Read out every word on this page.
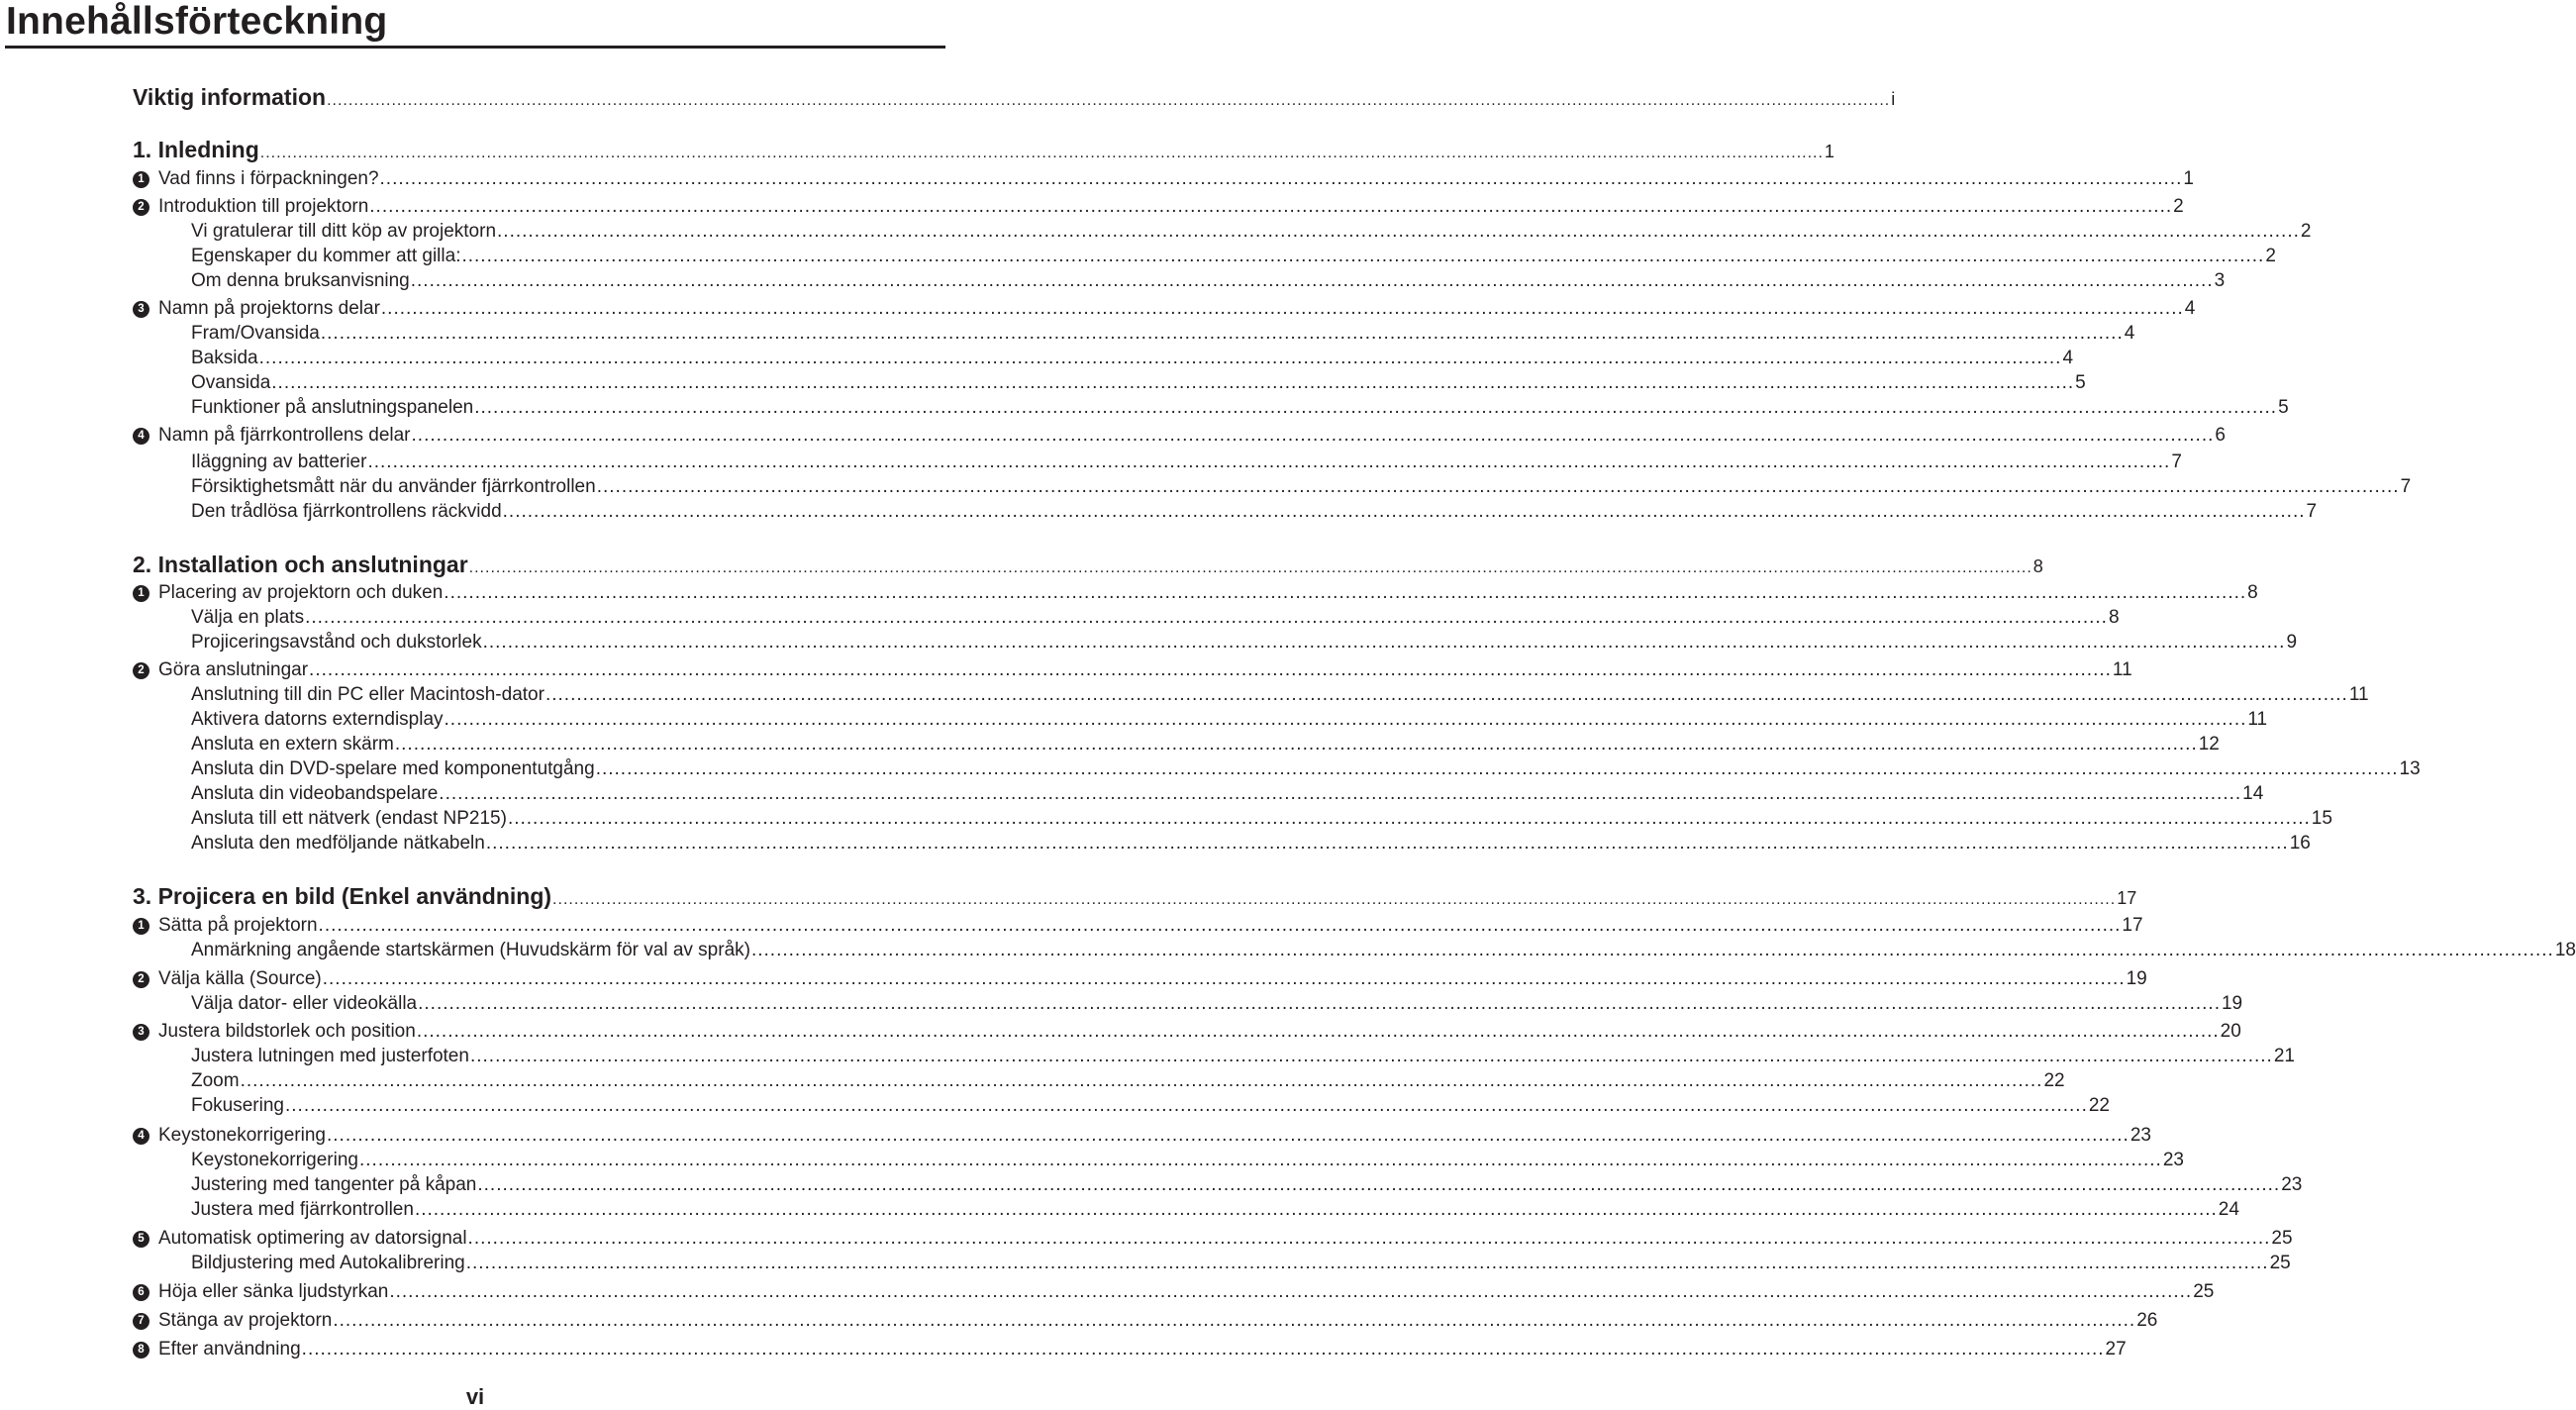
Innehållsförteckning
Viktig information .................................................................................................................................................................................................................................................................................................. i
1. Inledning .................................................................................................................................................................................................................................................................................................. 1
1 Vad finns i förpackningen? .................................................................................................................................................................................................................................................................................................. 1
2 Introduktion till projektorn .................................................................................................................................................................................................................................................................................................. 2
Vi gratulerar till ditt köp av projektorn .................................................................................................................................................................................................................................................................................................. 2
Egenskaper du kommer att gilla: .................................................................................................................................................................................................................................................................................................. 2
Om denna bruksanvisning .................................................................................................................................................................................................................................................................................................. 3
3 Namn på projektorns delar .................................................................................................................................................................................................................................................................................................. 4
Fram/Ovansida .................................................................................................................................................................................................................................................................................................. 4
Baksida .................................................................................................................................................................................................................................................................................................. 4
Ovansida .................................................................................................................................................................................................................................................................................................. 5
Funktioner på anslutningspanelen .................................................................................................................................................................................................................................................................................................. 5
4 Namn på fjärrkontrollens delar .................................................................................................................................................................................................................................................................................................. 6
Iläggning av batterier .................................................................................................................................................................................................................................................................................................. 7
Försiktighetsmått när du använder fjärrkontrollen .................................................................................................................................................................................................................................................................................................. 7
Den trådlösa fjärrkontrollens räckvidd .................................................................................................................................................................................................................................................................................................. 7
2. Installation och anslutningar .................................................................................................................................................................................................................................................................................................. 8
1 Placering av projektorn och duken .................................................................................................................................................................................................................................................................................................. 8
Välja en plats .................................................................................................................................................................................................................................................................................................. 8
Projiceringsavstånd och dukstorlek .................................................................................................................................................................................................................................................................................................. 9
2 Göra anslutningar .................................................................................................................................................................................................................................................................................................. 11
Anslutning till din PC eller Macintosh-dator .................................................................................................................................................................................................................................................................................................. 11
Aktivera datorns externdisplay .................................................................................................................................................................................................................................................................................................. 11
Ansluta en extern skärm .................................................................................................................................................................................................................................................................................................. 12
Ansluta din DVD-spelare med komponentutgång .................................................................................................................................................................................................................................................................................................. 13
Ansluta din videobandspelare .................................................................................................................................................................................................................................................................................................. 14
Ansluta till ett nätverk (endast NP215) .................................................................................................................................................................................................................................................................................................. 15
Ansluta den medföljande nätkabeln .................................................................................................................................................................................................................................................................................................. 16
3. Projicera en bild (Enkel användning) .................................................................................................................................................................................................................................................................................................. 17
1 Sätta på projektorn .................................................................................................................................................................................................................................................................................................. 17
Anmärkning angående startskärmen (Huvudskärm för val av språk) .................................................................................................................................................................................................................................................................................................. 18
2 Välja källa (Source) .................................................................................................................................................................................................................................................................................................. 19
Välja dator- eller videokälla .................................................................................................................................................................................................................................................................................................. 19
3 Justera bildstorlek och position .................................................................................................................................................................................................................................................................................................. 20
Justera lutningen med justerfoten .................................................................................................................................................................................................................................................................................................. 21
Zoom .................................................................................................................................................................................................................................................................................................. 22
Fokusering .................................................................................................................................................................................................................................................................................................. 22
4 Keystonekorrigering .................................................................................................................................................................................................................................................................................................. 23
Keystonekorrigering .................................................................................................................................................................................................................................................................................................. 23
Justering med tangenter på kåpan .................................................................................................................................................................................................................................................................................................. 23
Justera med fjärrkontrollen .................................................................................................................................................................................................................................................................................................. 24
5 Automatisk optimering av datorsignal .................................................................................................................................................................................................................................................................................................. 25
Bildjustering med Autokalibrering .................................................................................................................................................................................................................................................................................................. 25
6 Höja eller sänka ljudstyrkan .................................................................................................................................................................................................................................................................................................. 25
7 Stänga av projektorn .................................................................................................................................................................................................................................................................................................. 26
8 Efter användning .................................................................................................................................................................................................................................................................................................. 27
vi
